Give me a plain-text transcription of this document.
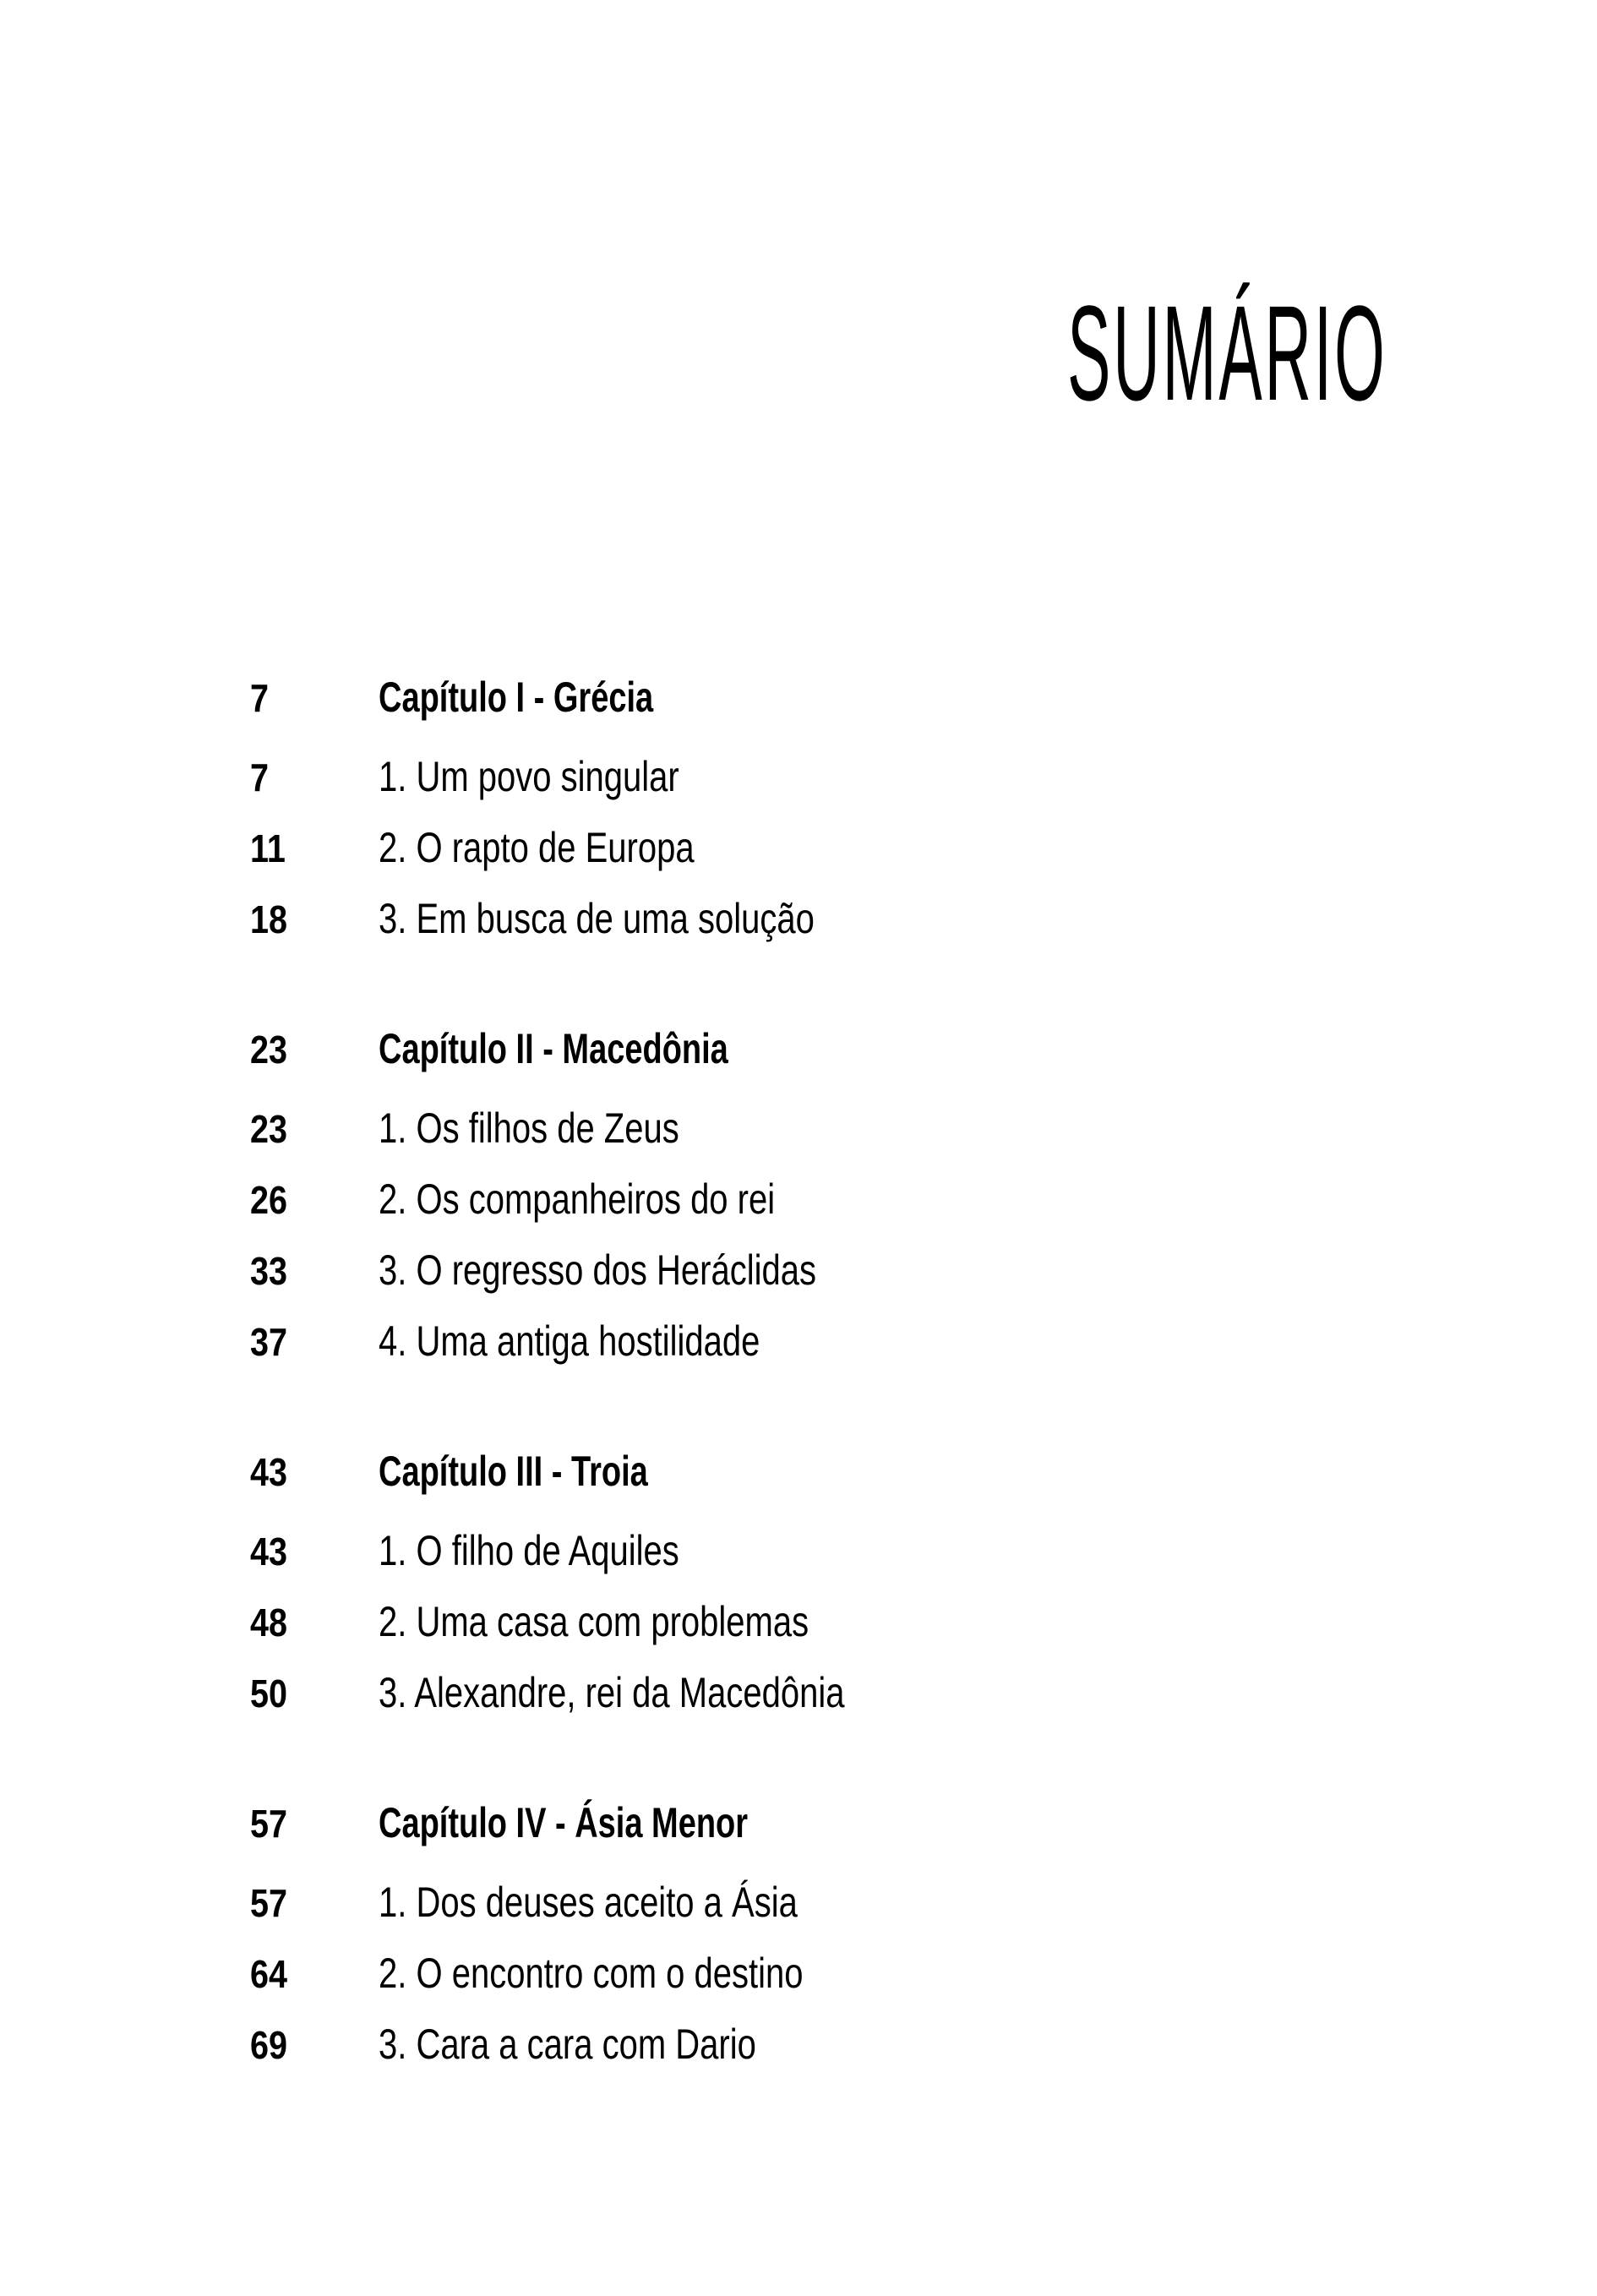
SUMÁRIO
7	Capítulo I - Grécia
7	1. Um povo singular
11	2. O rapto de Europa
18	3. Em busca de uma solução
23	Capítulo II - Macedônia
23	1. Os filhos de Zeus
26	2. Os companheiros do rei
33	3. O regresso dos Heráclidas
37	4. Uma antiga hostilidade
43	Capítulo III - Troia
43	1. O filho de Aquiles
48	2. Uma casa com problemas
50	3. Alexandre, rei da Macedônia
57	Capítulo IV - Ásia Menor
57	1. Dos deuses aceito a Ásia
64	2. O encontro com o destino
69	3. Cara a cara com Dario
